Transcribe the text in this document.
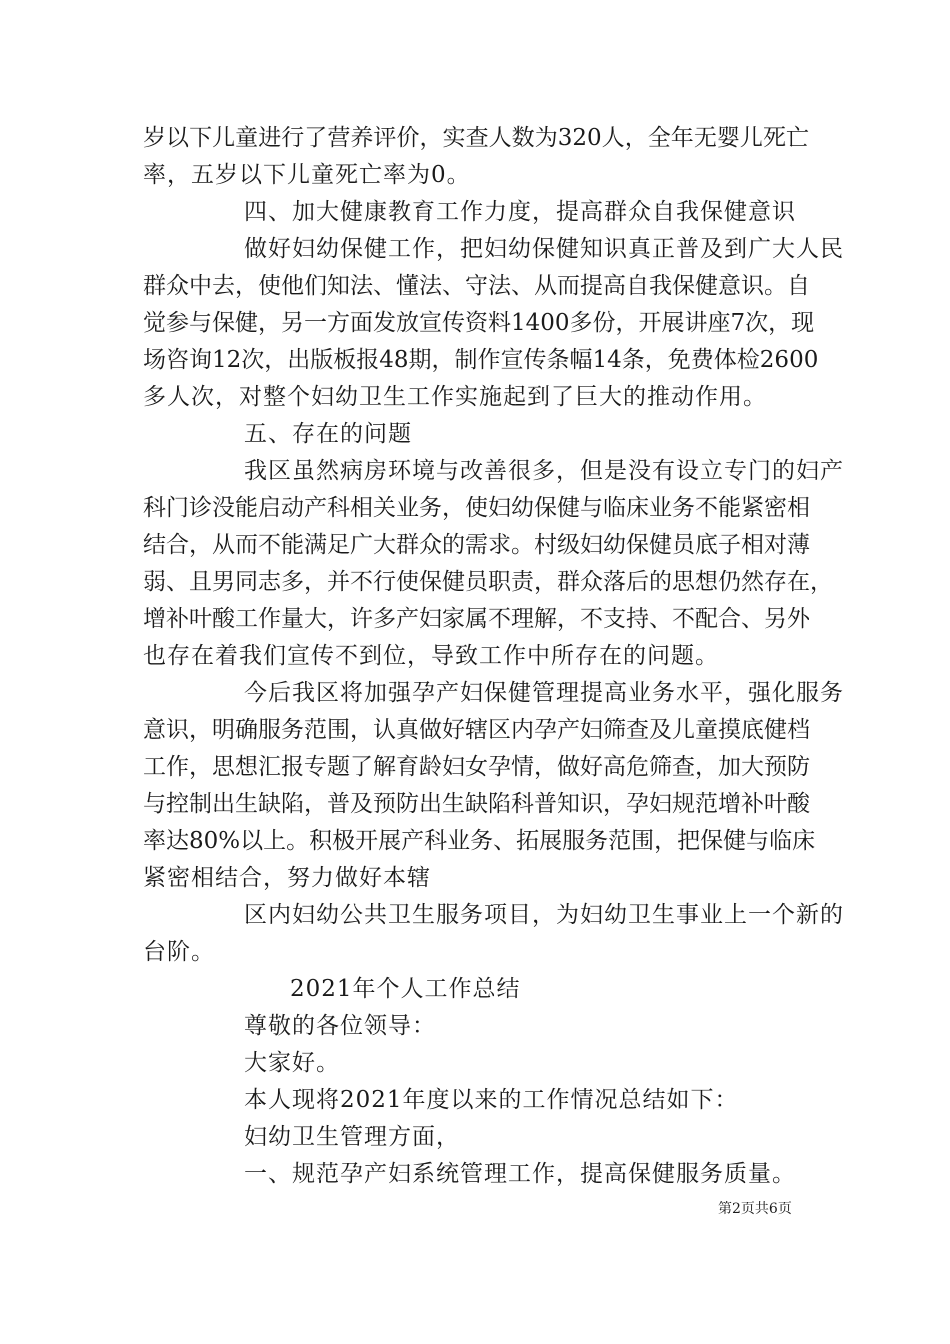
岁以下儿童进行了营养评价，实查人数为320人，全年无婴儿死亡
率，五岁以下儿童死亡率为0。
四、加大健康教育工作力度，提高群众自我保健意识
做好妇幼保健工作，把妇幼保健知识真正普及到广大人民
群众中去，使他们知法、懂法、守法、从而提高自我保健意识。自
觉参与保健，另一方面发放宣传资料1400多份，开展讲座7次，现
场咨询12次，出版板报48期，制作宣传条幅14条，免费体检2600
多人次，对整个妇幼卫生工作实施起到了巨大的推动作用。
五、存在的问题
我区虽然病房环境与改善很多，但是没有设立专门的妇产
科门诊没能启动产科相关业务，使妇幼保健与临床业务不能紧密相
结合，从而不能满足广大群众的需求。村级妇幼保健员底子相对薄
弱、且男同志多，并不行使保健员职责，群众落后的思想仍然存在，
增补叶酸工作量大，许多产妇家属不理解，不支持、不配合、另外
也存在着我们宣传不到位，导致工作中所存在的问题。
今后我区将加强孕产妇保健管理提高业务水平，强化服务
意识，明确服务范围，认真做好辖区内孕产妇筛查及儿童摸底健档
工作，思想汇报专题了解育龄妇女孕情，做好高危筛查，加大预防
与控制出生缺陷，普及预防出生缺陷科普知识，孕妇规范增补叶酸
率达80%以上。积极开展产科业务、拓展服务范围，把保健与临床
紧密相结合，努力做好本辖
区内妇幼公共卫生服务项目，为妇幼卫生事业上一个新的
台阶。
2021年个人工作总结
尊敬的各位领导：
大家好。
本人现将2021年度以来的工作情况总结如下：
妇幼卫生管理方面，
一、规范孕产妇系统管理工作，提高保健服务质量。
第2页共6页
